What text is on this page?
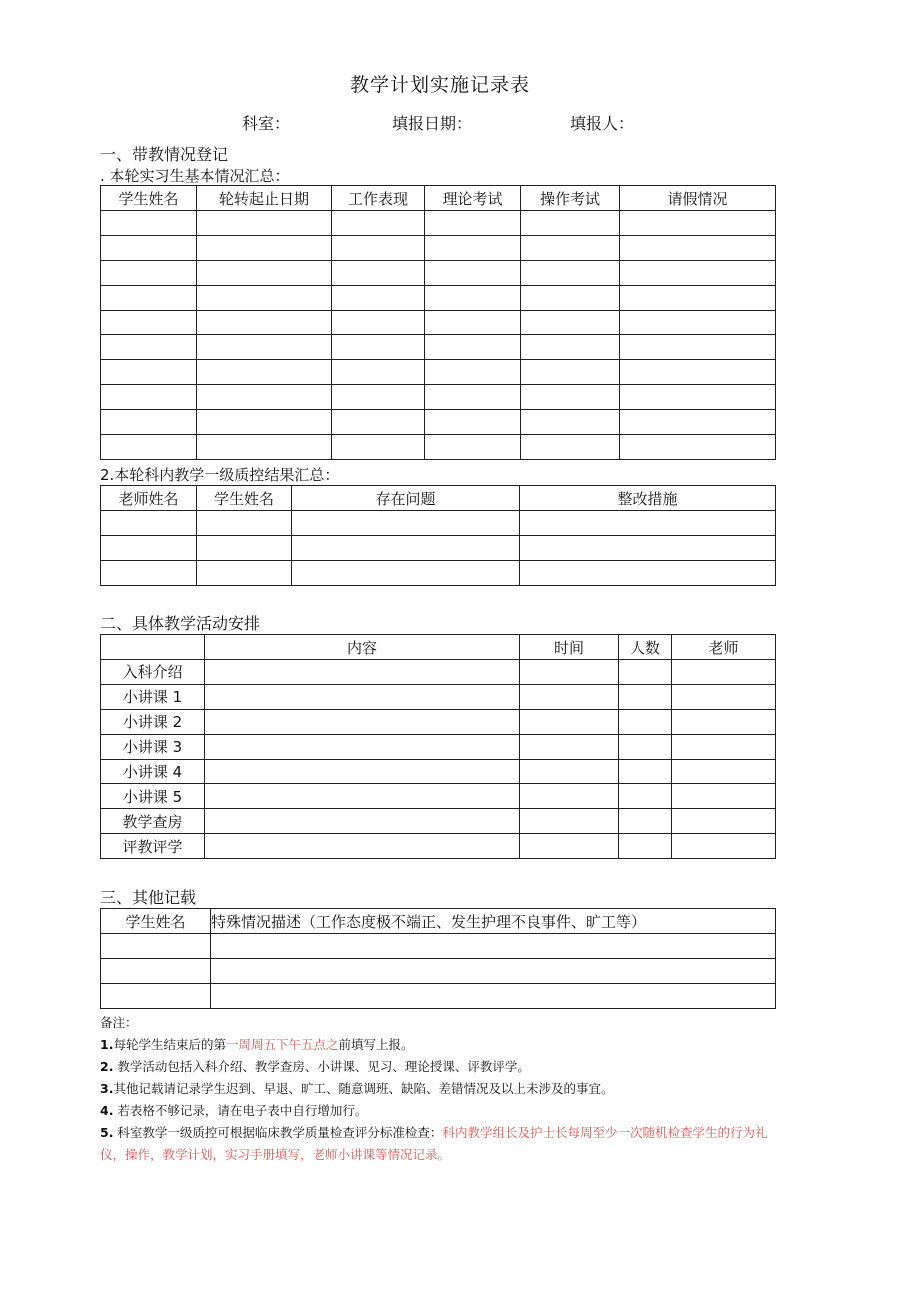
教学计划实施记录表
科室：	填报日期：	填报人：
一、带教情况登记
. 本轮实习生基本情况汇总：
学生姓名	轮转起止日期	工作表现	理论考试	操作考试	请假情况

2.本轮科内教学一级质控结果汇总：
老师姓名	学生姓名	存在问题	整改措施

二、具体教学活动安排
	内容	时间	人数	老师
入科介绍				
小讲课 1				
小讲课 2				
小讲课 3				
小讲课 4				
小讲课 5				
教学查房				
评教评学				
三、其他记载
学生姓名	特殊情况描述（工作态度极不端正、发生护理不良事件、旷工等）

备注：
1.每轮学生结束后的第一周周五下午五点之前填写上报。
2. 教学活动包括入科介绍、教学查房、小讲课、见习、理论授课、评教评学。
3.其他记载请记录学生迟到、早退、旷工、随意调班、缺陷、差错情况及以上未涉及的事宜。
4. 若表格不够记录，请在电子表中自行增加行。
5. 科室教学一级质控可根据临床教学质量检查评分标准检查：科内教学组长及护士长每周至少一次随机检查学生的行为礼仪，操作，教学计划，实习手册填写，老师小讲课等情况记录。
